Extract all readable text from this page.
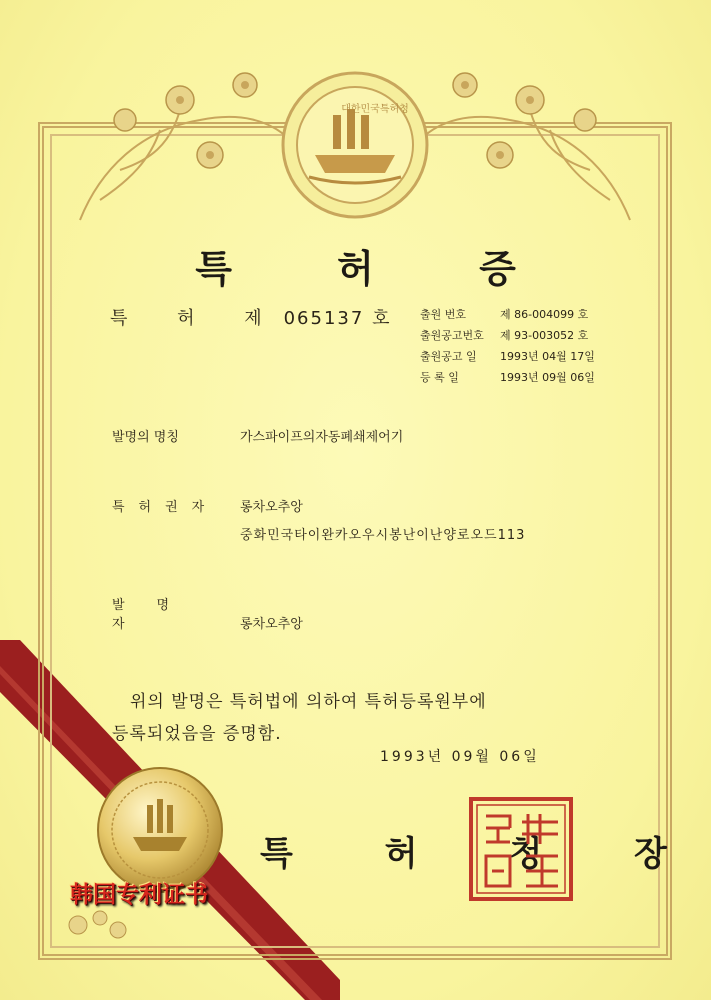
대한민국특허청
특 허 증
특 허 제065137 호	출원 번호	제 86-004099 호
출원공고번호 제 93-003052 호
출원공고 일 1993년 04월 17일
등 록 일	1993년 09월 06일
발명의 명칭	가스파이프의자동폐쇄제어기
특허권자 롱차오추앙
중화민국타이완카오우시봉난이난양로오드113
발명자	롱차오추앙
위의 발명은 특허법에 의하여 특허등록원부에
등록되었음을 증명함.
1993년 09월 06일
특 허 청 장
韩国专利证书
